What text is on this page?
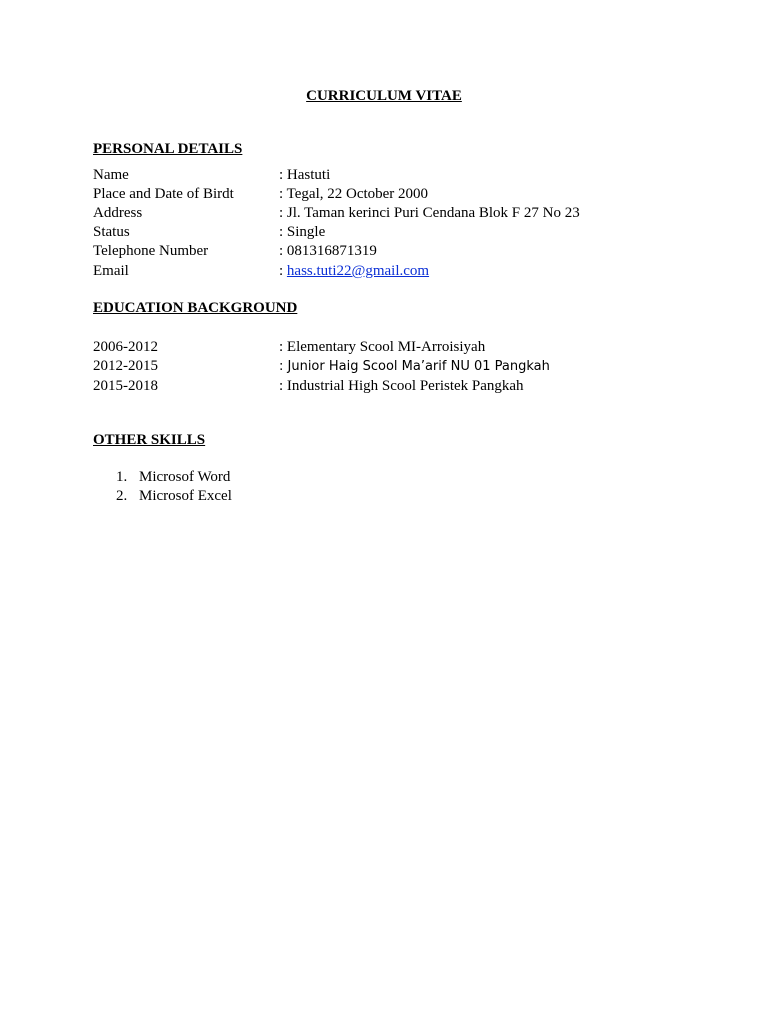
CURRICULUM VITAE
PERSONAL DETAILS
Name	: Hastuti
Place and Date of Birdt	: Tegal, 22 October 2000
Address	: Jl. Taman kerinci Puri Cendana Blok F 27 No 23
Status	: Single
Telephone Number	: 081316871319
Email	: hass.tuti22@gmail.com
EDUCATION BACKGROUND
2006-2012	: Elementary Scool MI-Arroisiyah
2012-2015	: Junior Haig Scool Ma’arif NU 01 Pangkah
2015-2018	: Industrial High Scool Peristek Pangkah
OTHER SKILLS
1. Microsof Word
2. Microsof Excel
